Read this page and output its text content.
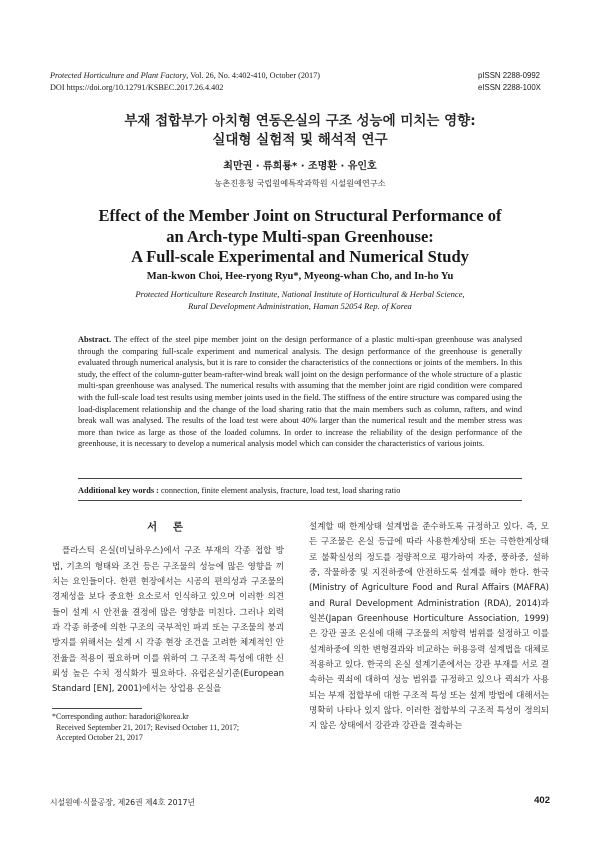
Protected Horticulture and Plant Factory, Vol. 26, No. 4:402-410, October (2017)
DOI https://doi.org/10.12791/KSBEC.2017.26.4.402
pISSN 2288-0992
eISSN 2288-100X
부재 접합부가 아치형 연동온실의 구조 성능에 미치는 영향:
실대형 실험적 및 해석적 연구
최만권 · 류희룡* · 조명환 · 유인호
농촌진흥청 국립원예특작과학원 시설원예연구소
Effect of the Member Joint on Structural Performance of
an Arch-type Multi-span Greenhouse:
A Full-scale Experimental and Numerical Study
Man-kwon Choi, Hee-ryong Ryu*, Myeong-whan Cho, and In-ho Yu
Protected Horticulture Research Institute, National Institute of Horticultural & Herbal Science,
Rural Development Administration, Haman 52054 Rep. of Korea
Abstract. The effect of the steel pipe member joint on the design performance of a plastic multi-span greenhouse was analysed through the comparing full-scale experiment and numerical analysis. The design performance of the greenhouse is generally evaluated through numerical analysis, but it is rare to consider the characteristics of the connections or joints of the members. In this study, the effect of the column-gutter beam-rafter-wind break wall joint on the design performance of the whole structure of a plastic multi-span greenhouse was analysed. The numerical results with assuming that the member joint are rigid condition were compared with the full-scale load test results using member joints used in the field. The stiffness of the entire structure was compared using the load-displacement relationship and the change of the load sharing ratio that the main members such as column, rafters, and wind break wall was analysed. The results of the load test were about 40% larger than the numerical result and the member stress was more than twice as large as those of the loaded columns. In order to increase the reliability of the design performance of the greenhouse, it is necessary to develop a numerical analysis model which can consider the characteristics of various joints.
Additional key words : connection, finite element analysis, fracture, load test, load sharing ratio
서 론

플라스틱 온실(비닐하우스)에서 구조 부재의 각종 접합 방법, 기초의 형태와 조건 등은 구조물의 성능에 많은 영향을 끼치는 요인들이다. 한편 현장에서는 시공의 편의성과 구조물의 경제성을 보다 중요한 요소로서 인식하고 있으며 이러한 의견들이 설계 시 안전율 결정에 많은 영향을 미친다. 그러나 외력과 각종 하중에 의한 구조의 국부적인 파괴 또는 구조물의 붕괴 방지를 위해서는 설계 시 각종 현장 조건을 고려한 체계적인 안전율을 적용이 필요하며 이를 위하여 그 구조적 특성에 대한 신뢰성 높은 수치 정식화가 필요하다. 유럽온실기준(European Standard [EN], 2001)에서는 상업용 온실을

설계할 때 한계상태 설계법을 준수하도록 규정하고 있다. 즉, 모든 구조물은 온실 등급에 따라 사용한계상태 또는 극한한계상태로 불확실성의 정도를 정량적으로 평가하여 자중, 풍하중, 설하중, 작물하중 및 지진하중에 안전하도록 설계를 해야 한다. 한국(Ministry of Agriculture Food and Rural Affairs (MAFRA) and Rural Development Administration (RDA), 2014)과 일본(Japan Greenhouse Horticulture Association, 1999)은 강관 골조 온실에 대해 구조물의 저항력 범위를 설정하고 이를 설계하중에 의한 변형결과와 비교하는 허용응력 설계법을 대체로 적용하고 있다. 한국의 온실 설계기준에서는 강관 부재를 서로 결속하는 퀵쇠에 대하여 성능 범위를 규정하고 있으나 퀵쇠가 사용되는 부재 접합부에 대한 구조적 특성 또는 설계 방법에 대해서는 명확히 나타나 있지 않다. 이러한 접합부의 구조적 특성이 정의되지 않은 상태에서 강관과 강관을 결속하는

*Corresponding author: haradori@korea.kr
Received September 21, 2017; Revised October 11, 2017;
Accepted October 21, 2017
시설원예·식물공장, 제26권 제4호 2017년	402
